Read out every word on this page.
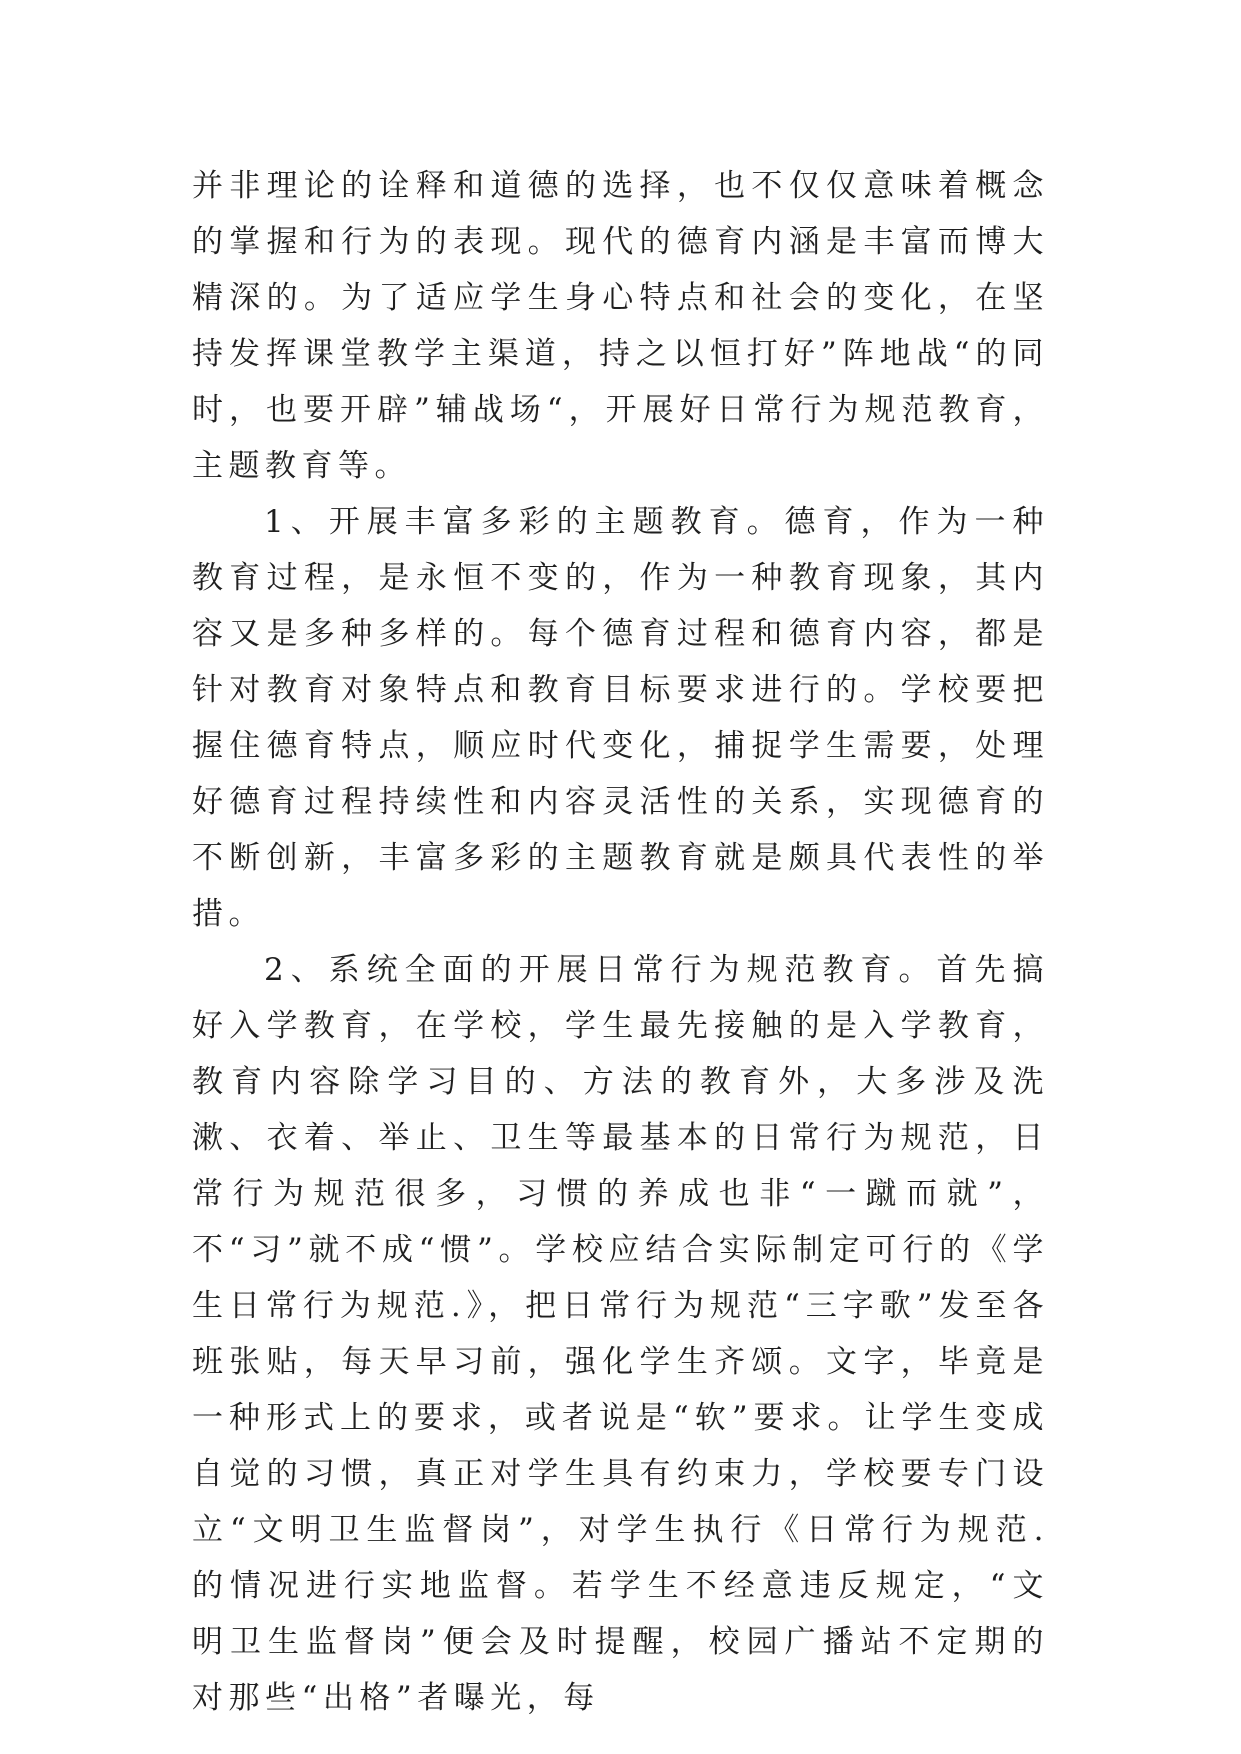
并非理论的诠释和道德的选择，也不仅仅意味着概念的掌握和行为的表现。现代的德育内涵是丰富而博大精深的。为了适应学生身心特点和社会的变化，在坚持发挥课堂教学主渠道，持之以恒打好”阵地战“的同时，也要开辟”辅战场“，开展好日常行为规范教育，主题教育等。

1、开展丰富多彩的主题教育。德育，作为一种教育过程，是永恒不变的，作为一种教育现象，其内容又是多种多样的。每个德育过程和德育内容，都是针对教育对象特点和教育目标要求进行的。学校要把握住德育特点，顺应时代变化，捕捉学生需要，处理好德育过程持续性和内容灵活性的关系，实现德育的不断创新，丰富多彩的主题教育就是颇具代表性的举措。

2、系统全面的开展日常行为规范教育。首先搞好入学教育，在学校，学生最先接触的是入学教育，教育内容除学习目的、方法的教育外，大多涉及洗漱、衣着、举止、卫生等最基本的日常行为规范，日常行为规范很多，习惯的养成也非“一蹴而就”，不“习”就不成“惯”。学校应结合实际制定可行的《学生日常行为规范.》，把日常行为规范“三字歌”发至各班张贴，每天早习前，强化学生齐颂。文字，毕竟是一种形式上的要求，或者说是“软”要求。让学生变成自觉的习惯，真正对学生具有约束力，学校要专门设立“文明卫生监督岗”，对学生执行《日常行为规范.的情况进行实地监督。若学生不经意违反规定，“文明卫生监督岗”便会及时提醒，校园广播站不定期的对那些“出格”者曝光，每
